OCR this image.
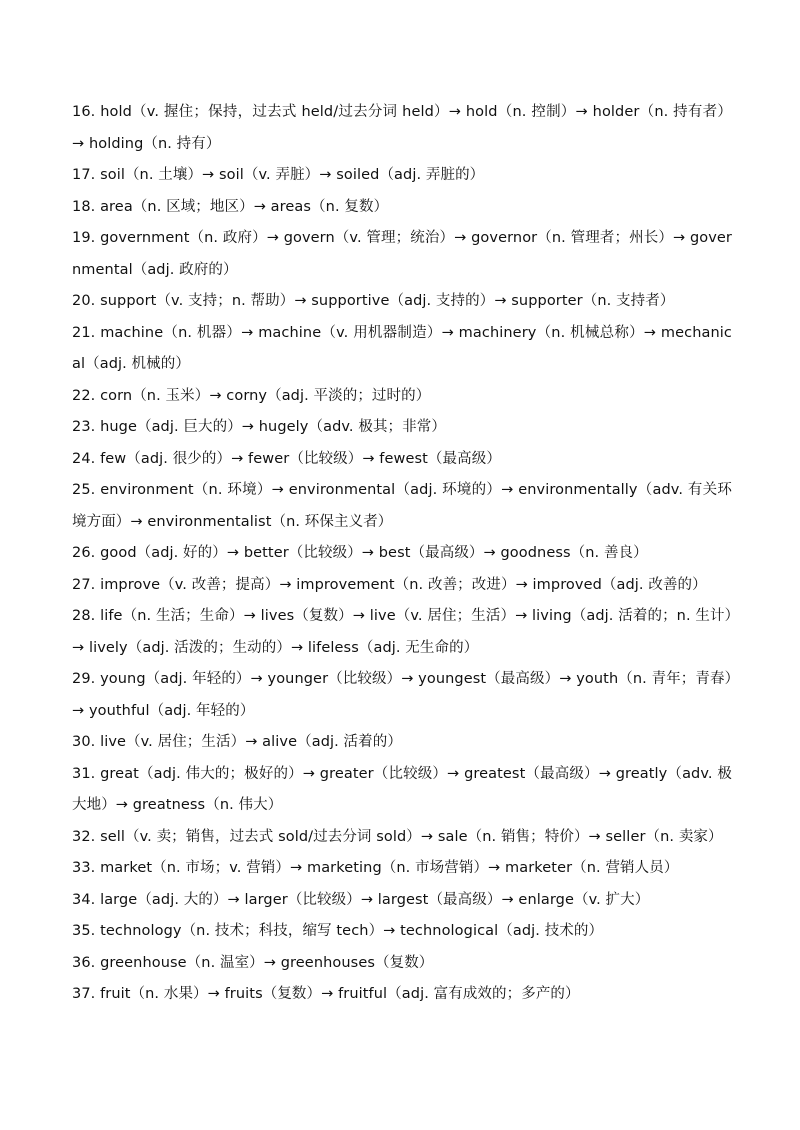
16. hold（v. 握住；保持，过去式 held/过去分词 held）→ hold（n. 控制）→ holder（n. 持有者）→ holding（n. 持有）

17. soil（n. 土壤）→ soil（v. 弄脏）→ soiled（adj. 弄脏的）

18. area（n. 区域；地区）→ areas（n. 复数）

19. government（n. 政府）→ govern（v. 管理；统治）→ governor（n. 管理者；州长）→ governmental（adj. 政府的）

20. support（v. 支持；n. 帮助）→ supportive（adj. 支持的）→ supporter（n. 支持者）

21. machine（n. 机器）→ machine（v. 用机器制造）→ machinery（n. 机械总称）→ mechanical（adj. 机械的）

22. corn（n. 玉米）→ corny（adj. 平淡的；过时的）

23. huge（adj. 巨大的）→ hugely（adv. 极其；非常）

24. few（adj. 很少的）→ fewer（比较级）→ fewest（最高级）

25. environment（n. 环境）→ environmental（adj. 环境的）→ environmentally（adv. 有关环境方面）→ environmentalist（n. 环保主义者）

26. good（adj. 好的）→ better（比较级）→ best（最高级）→ goodness（n. 善良）

27. improve（v. 改善；提高）→ improvement（n. 改善；改进）→ improved（adj. 改善的）

28. life（n. 生活；生命）→ lives（复数）→ live（v. 居住；生活）→ living（adj. 活着的；n. 生计）→ lively（adj. 活泼的；生动的）→ lifeless（adj. 无生命的）

29. young（adj. 年轻的）→ younger（比较级）→ youngest（最高级）→ youth（n. 青年；青春）→ youthful（adj. 年轻的）

30. live（v. 居住；生活）→ alive（adj. 活着的）

31. great（adj. 伟大的；极好的）→ greater（比较级）→ greatest（最高级）→ greatly（adv. 极大地）→ greatness（n. 伟大）

32. sell（v. 卖；销售，过去式 sold/过去分词 sold）→ sale（n. 销售；特价）→ seller（n. 卖家）

33. market（n. 市场；v. 营销）→ marketing（n. 市场营销）→ marketer（n. 营销人员）

34. large（adj. 大的）→ larger（比较级）→ largest（最高级）→ enlarge（v. 扩大）

35. technology（n. 技术；科技，缩写 tech）→ technological（adj. 技术的）

36. greenhouse（n. 温室）→ greenhouses（复数）

37. fruit（n. 水果）→ fruits（复数）→ fruitful（adj. 富有成效的；多产的）
